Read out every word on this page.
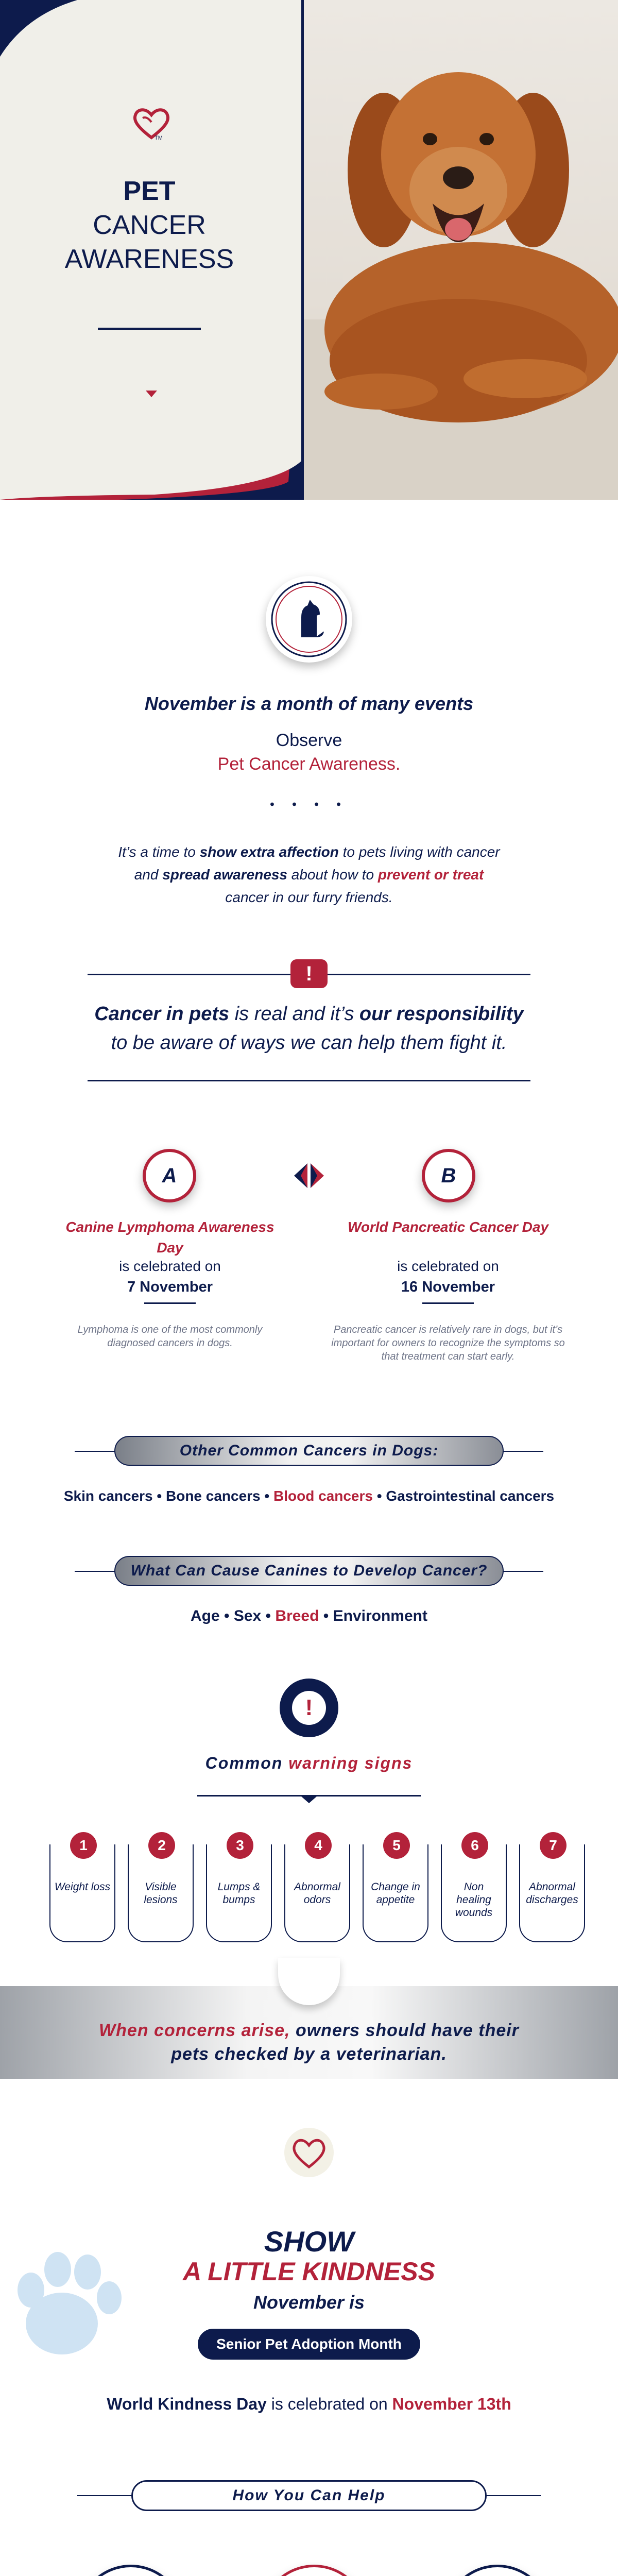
TM
PET
CANCER
AWARENESS
November is a month of many events
Observe
Pet Cancer Awareness.
• • • •
It’s a time to show extra affection to pets living with cancer
and spread awareness about how to prevent or treat
cancer in our furry friends.
!
Cancer in pets is real and it’s our responsibility
to be aware of ways we can help them fight it.
A	B
Canine Lymphoma Awareness Day
is celebrated on
7 November
Lymphoma is one of the most commonly diagnosed cancers in dogs.
World Pancreatic Cancer Day
is celebrated on
16 November
Pancreatic cancer is relatively rare in dogs, but it’s important for owners to recognize the symptoms so that treatment can start early.
Other Common Cancers in Dogs:
Skin cancers • Bone cancers • Blood cancers • Gastrointestinal cancers
What Can Cause Canines to Develop Cancer?
Age • Sex • Breed • Environment
!
Common warning signs
1
Weight loss
2
Visible lesions
3
Lumps & bumps
4
Abnormal odors
5
Change in appetite
6
Non healing wounds
7
Abnormal discharges
When concerns arise, owners should have their
pets checked by a veterinarian.
SHOW
A LITTLE KINDNESS
November is
Senior Pet Adoption Month
World Kindness Day is celebrated on November 13th
How You Can Help
